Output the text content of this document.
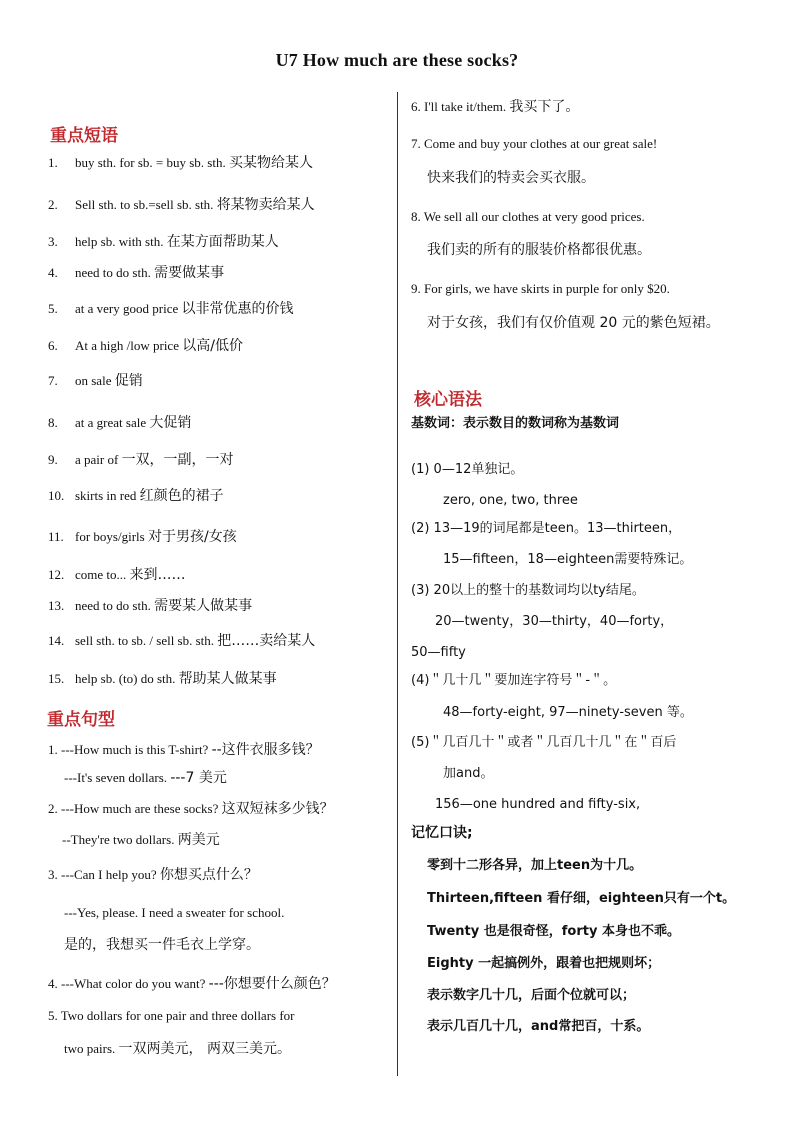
U7 How much are these socks?
重点短语
1. buy sth. for sb. = buy sb. sth. 买某物给某人
2. Sell sth. to sb.=sell sb. sth. 将某物卖给某人
3. help sb. with sth. 在某方面帮助某人
4. need to do sth. 需要做某事
5. at a very good price 以非常优惠的价钱
6. At a high /low price 以高/低价
7. on sale 促销
8. at a great sale 大促销
9. a pair of 一双，一副，一对
10. skirts in red 红颜色的裙子
11. for boys/girls 对于男孩/女孩
12. come to... 来到……
13. need to do sth. 需要某人做某事
14. sell sth. to sb. / sell sb. sth. 把……卖给某人
15. help sb. (to) do sth. 帮助某人做某事
重点句型
1. ---How much is this T-shirt? --这件衣服多钱？
---It's seven dollars. ---7 美元
2. ---How much are these socks? 这双短袜多少钱？
--They're two dollars. 两美元
3. ---Can I help you? 你想买点什么？
---Yes, please. I need a sweater for school.
是的，我想买一件毛衣上学穿。
4. ---What color do you want? ---你想要什么颜色？
5. Two dollars for one pair and three dollars for
two pairs. 一双两美元， 两双三美元。
6. I'll take it/them. 我买下了。
7. Come and buy your clothes at our great sale!
快来我们的特卖会买衣服。
8. We sell all our clothes at very good prices.
我们卖的所有的服装价格都很优惠。
9. For girls, we have skirts in purple for only $20.
对于女孩，我们有仅价值观 20 元的紫色短裙。
核心语法
基数词：表示数目的数词称为基数词
(1) 0—12单独记。
zero, one, two, three
(2) 13—19的词尾都是teen。13—thirteen，
15—fifteen，18—eighteen需要特殊记。
(3) 20以上的整十的基数词均以ty结尾。
20—twenty，30—thirty，40—forty，
50—fifty
(4)＂几十几＂要加连字符号＂-＂。
48—forty-eight, 97—ninety-seven 等。
(5)＂几百几十＂或者＂几百几十几＂在＂百后
加and。
156—one hundred and fifty-six,
记忆口诀;
零到十二形各异，加上teen为十几。
Thirteen,fifteen 看仔细，eighteen只有一个t。
Twenty 也是很奇怪，forty 本身也不乖。
Eighty 一起搞例外，跟着也把规则坏；
表示数字几十几，后面个位就可以；
表示几百几十几，and常把百，十系。
